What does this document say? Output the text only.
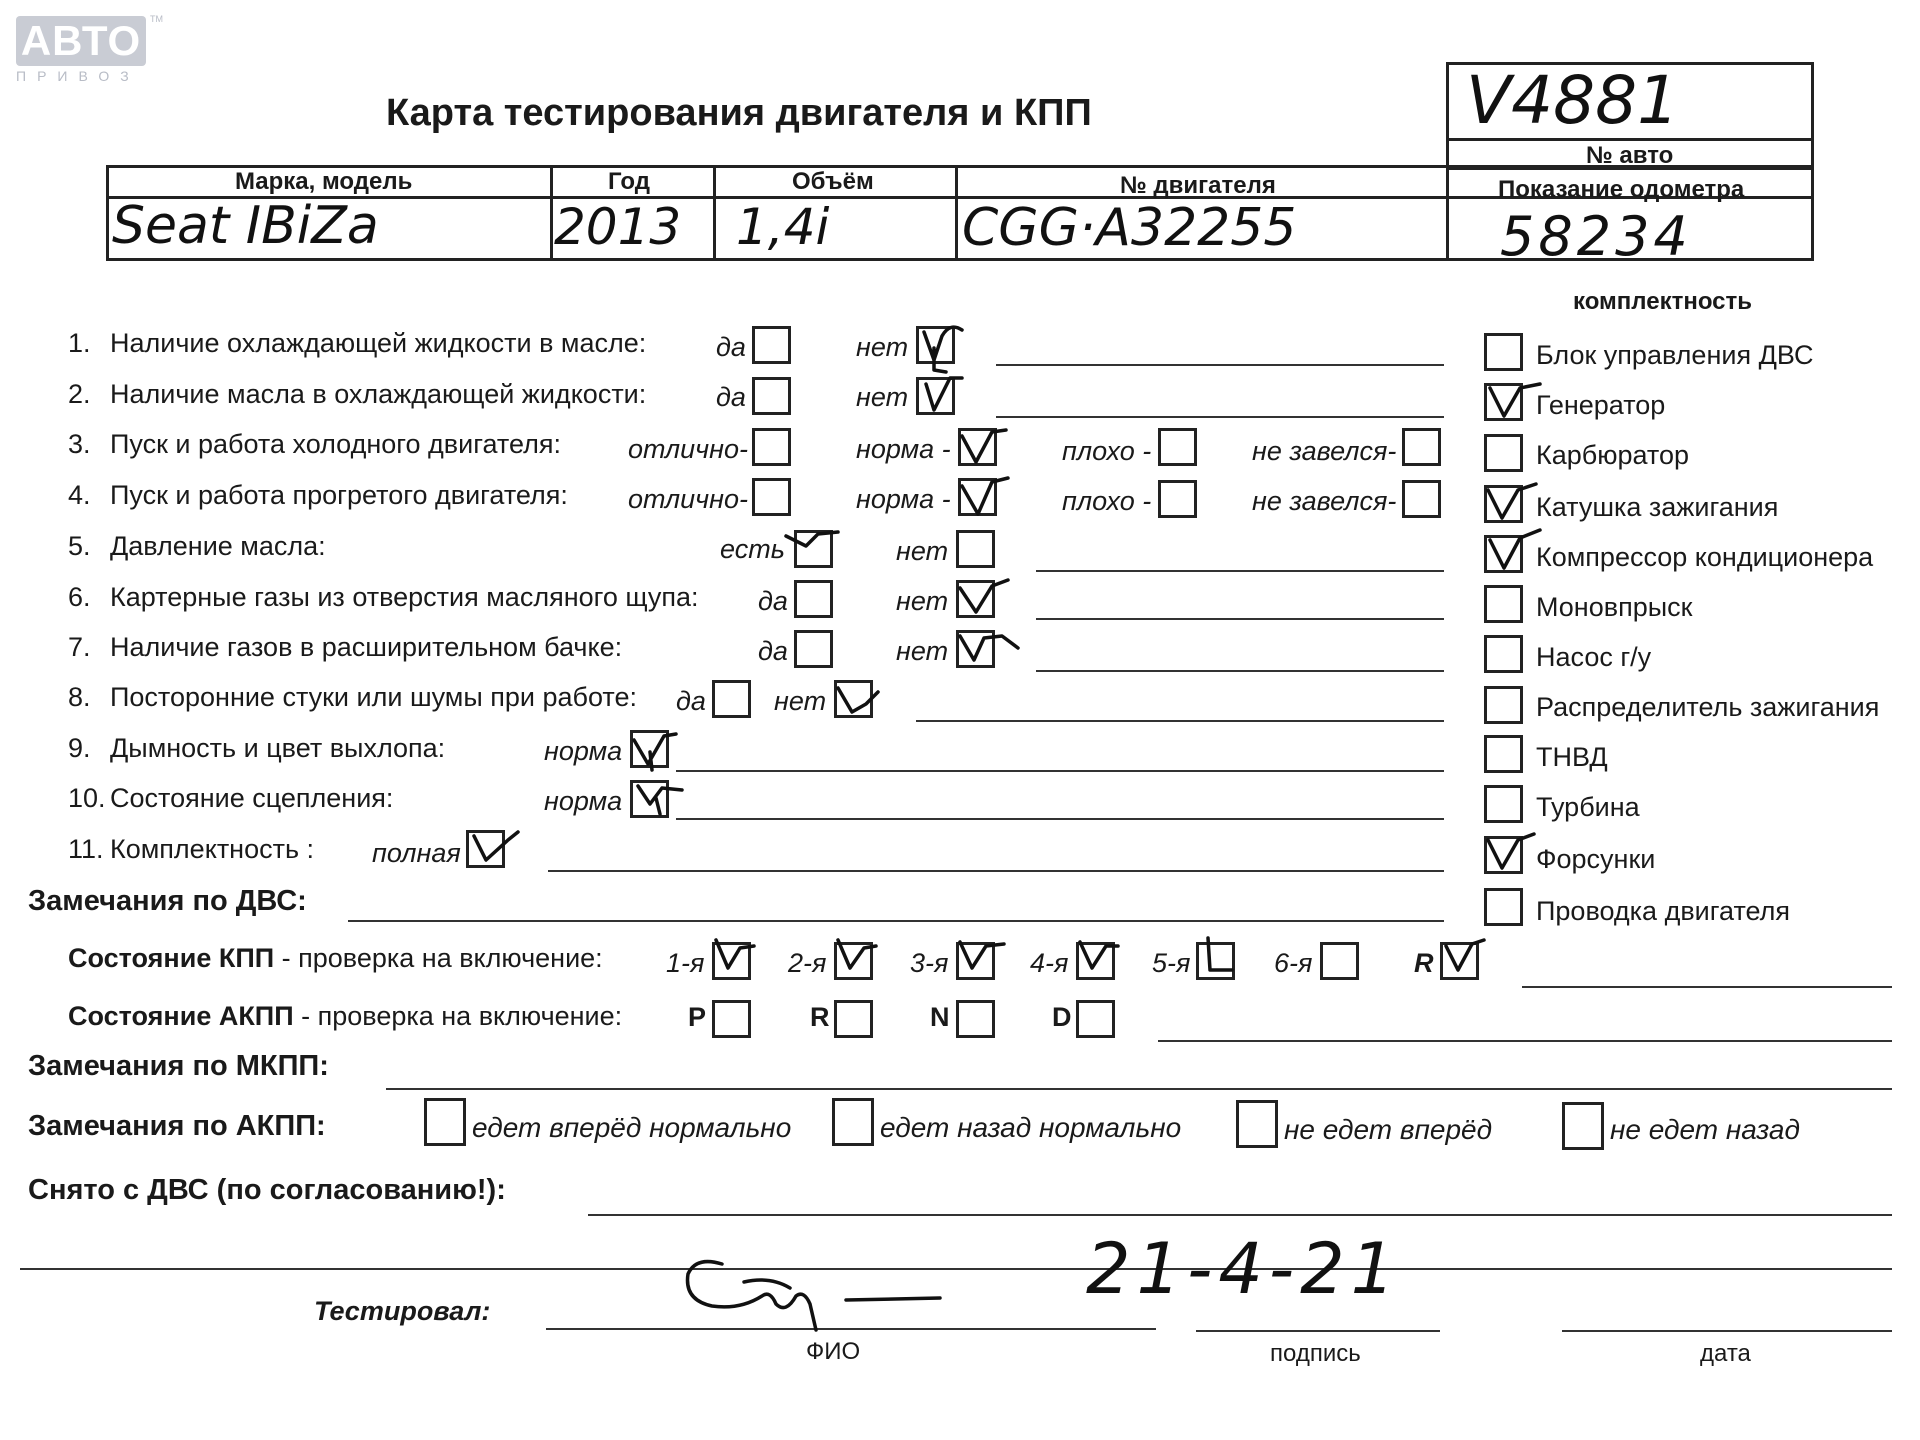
АВТО TM
ПРИВОЗ
Карта тестирования двигателя и КПП	V4881
№ авто
Марка, модель	Год	Объём	№ двигателя	Показание одометра
Seat IBiZa	2013 1,4i	CGG·A32255	58234
комплектность
1. Наличие охлаждающей жидкости в масле:	да	нет
2. Наличие масла в охлаждающей жидкости:	да	нет
3. Пуск и работа холодного двигателя: отлично-	норма -	плохо -	не завелся-
4. Пуск и работа прогретого двигателя: отлично-	норма -	плохо -	не завелся-
5. Давление масла:	есть	нет
6. Картерные газы из отверстия масляного щупа: да	нет
7. Наличие газов в расширительном бачке:	да	нет
8. Посторонние стуки или шумы при работе: да	нет
9. Дымность и цвет выхлопа:	норма
10. Состояние сцепления:	норма
11. Комплектность : полная
Блок управления ДВС
Генератор
Карбюратор
Катушка зажигания
Компрессор кондиционера
Моновпрыск
Насос г/у
Распределитель зажигания
ТНВД
Турбина
Форсунки
Проводка двигателя
Замечания по ДВС:
Состояние КПП - проверка на включение: 1-я	2-я	3-я	4-я	5-я	6-я	R
Состояние АКПП - проверка на включение: P	R	N	D
Замечания по МКПП:
Замечания по АКПП:	едет вперёд нормально	едет назад нормально	не едет вперёд	не едет назад
Снято с ДВС (по согласованию!):
Тестировал:
ФИО	подпись	дата
21-4-21
